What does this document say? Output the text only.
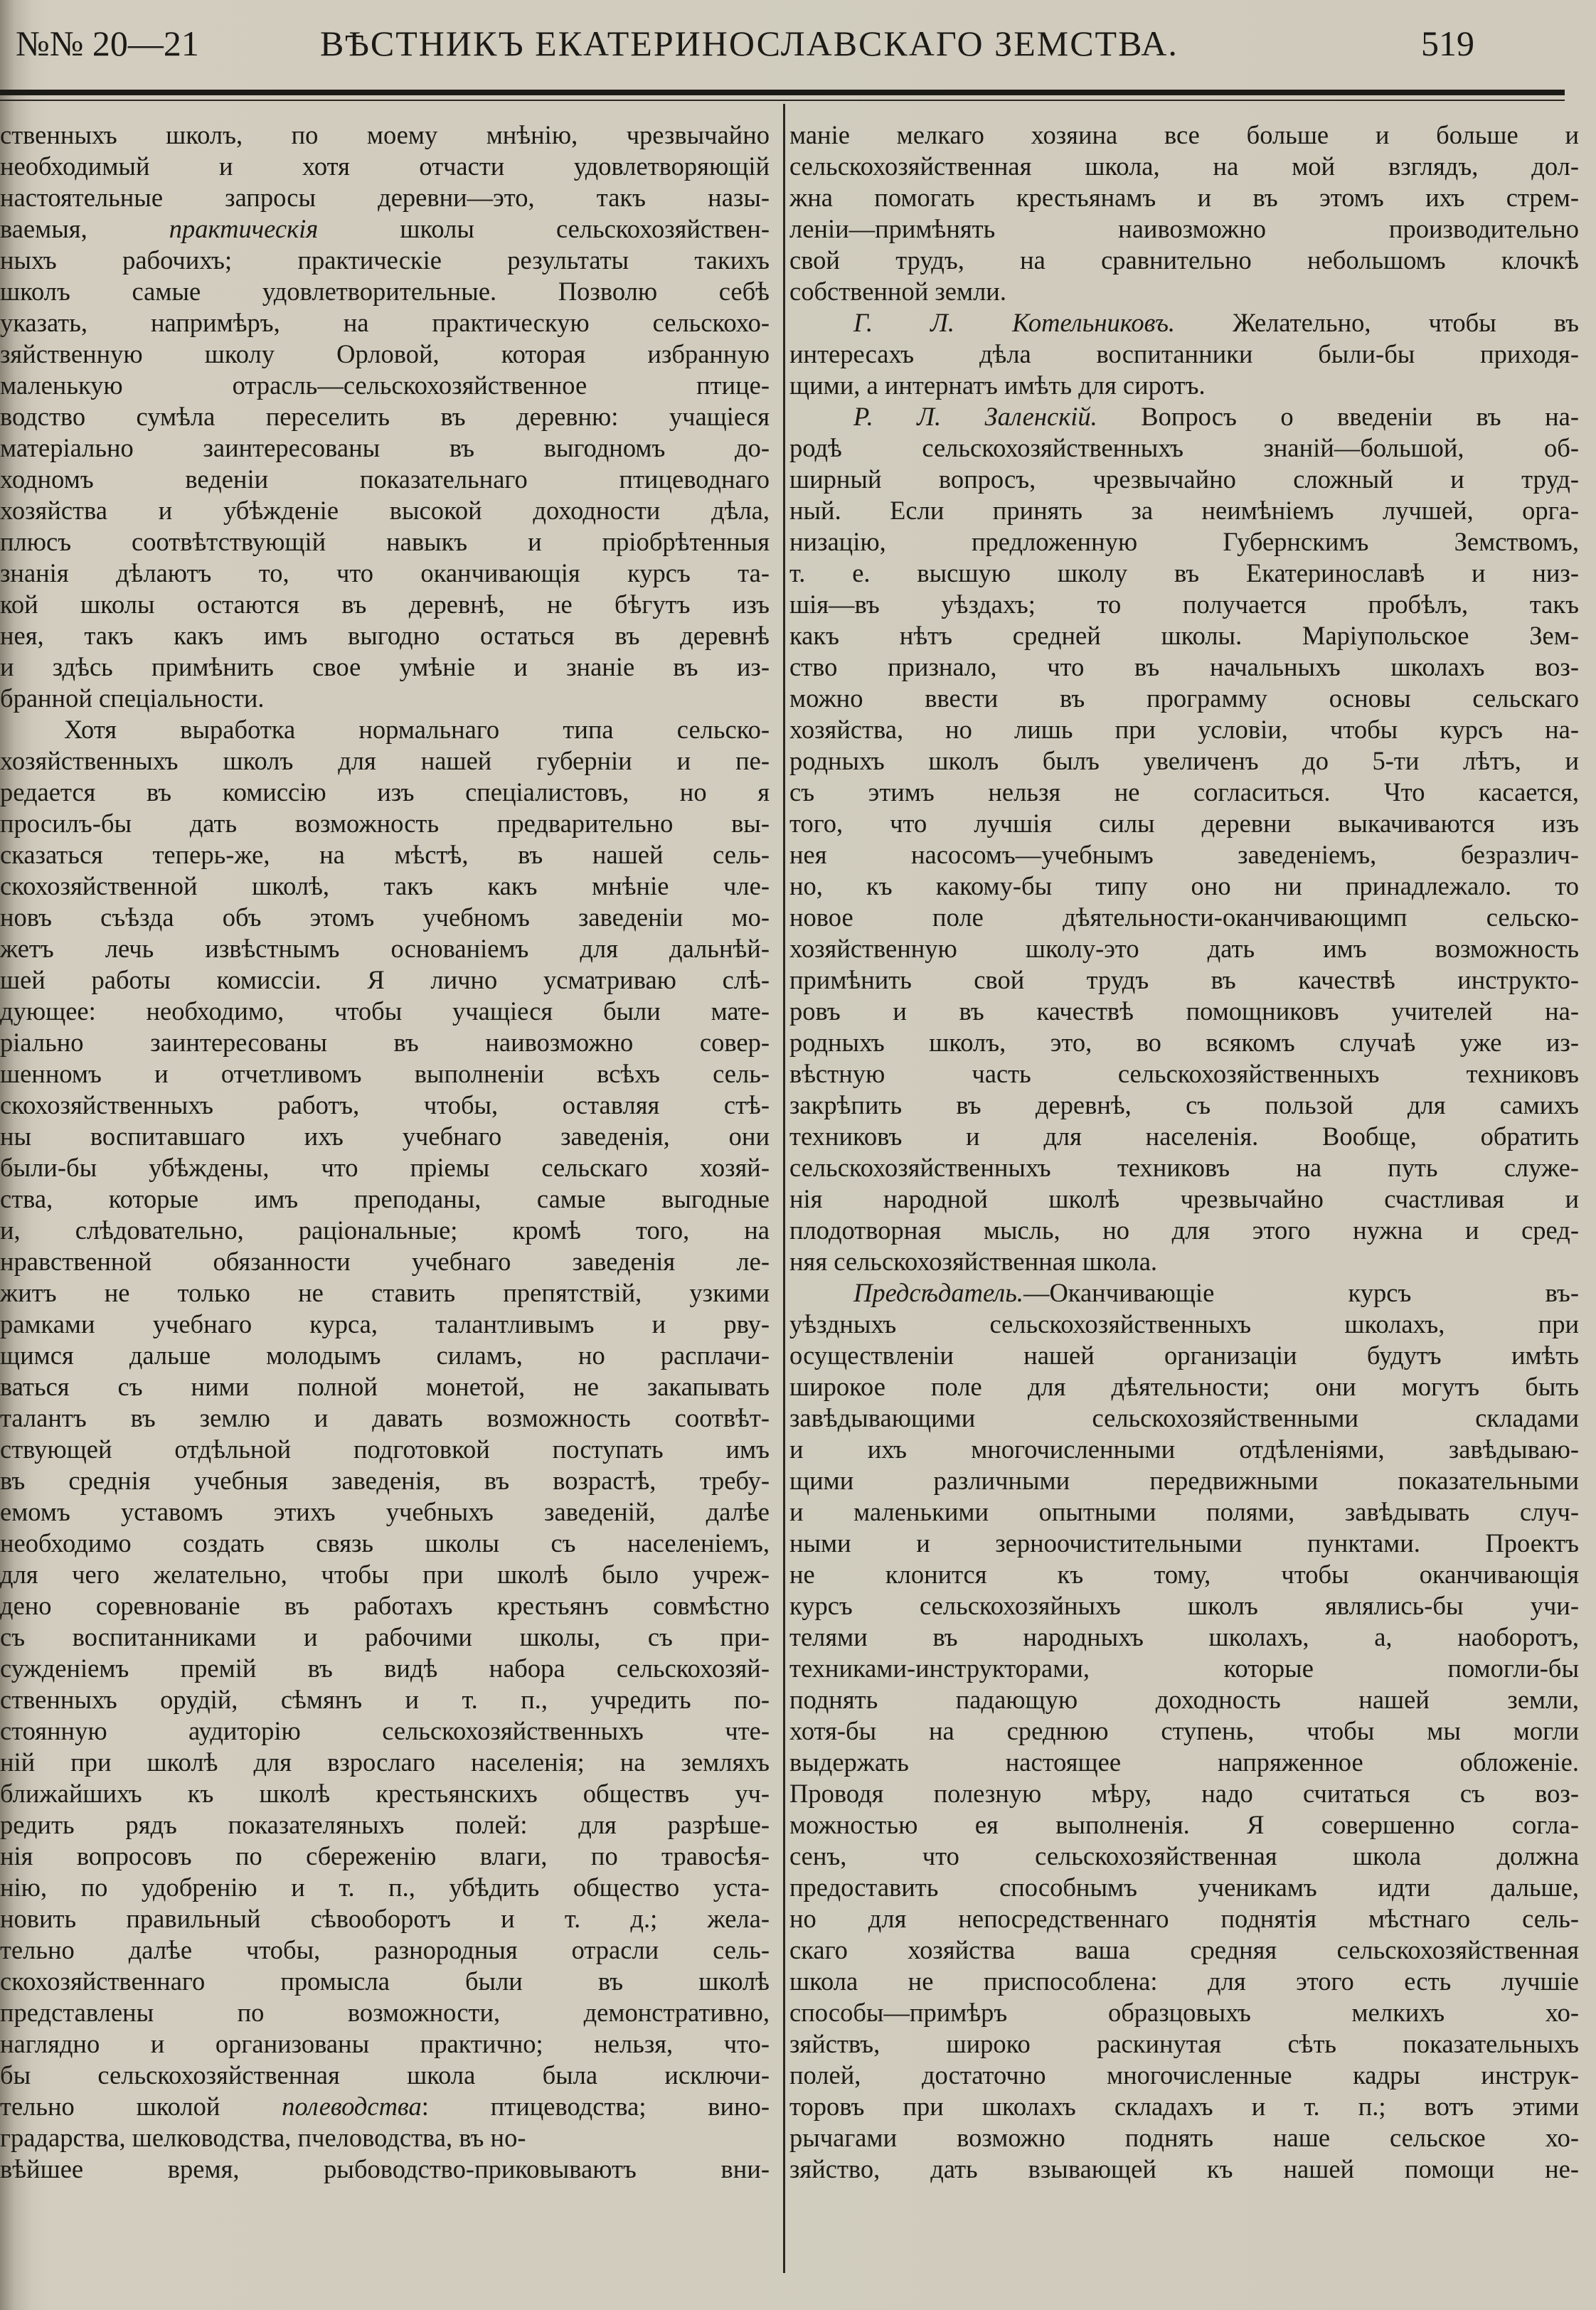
№№ 20—21	ВѢСТНИКЪ ЕКАТЕРИНОСЛАВСКАГО ЗЕМСТВА.	519
ственныхъ школъ, по моему мнѣнію, чрезвычайно
необходимый и хотя отчасти удовлетворяющій
настоятельные запросы деревни—это, такъ назы-
ваемыя, практическія школы сельскохозяйствен-
ныхъ рабочихъ; практическіе результаты такихъ
школъ самые удовлетворительные. Позволю себѣ
указать, напримѣръ, на практическую сельскохо-
зяйственную школу Орловой, которая избранную
маленькую отрасль—сельскохозяйственное птице-
водство сумѣла переселить въ деревню: учащіеся
матеріально заинтересованы въ выгодномъ до-
ходномъ веденіи показательнаго птицеводнаго
хозяйства и убѣжденіе высокой доходности дѣла,
плюсъ соотвѣтствующій навыкъ и пріобрѣтенныя
знанія дѣлаютъ то, что оканчивающія курсъ та-
кой школы остаются въ деревнѣ, не бѣгутъ изъ
нея, такъ какъ имъ выгодно остаться въ деревнѣ
и здѣсь примѣнить свое умѣніе и знаніе въ из-
бранной спеціальности.
Хотя выработка нормальнаго типа сельско-
хозяйственныхъ школъ для нашей губерніи и пе-
редается въ комиссію изъ спеціалистовъ, но я
просилъ-бы дать возможность предварительно вы-
сказаться теперь-же, на мѣстѣ, въ нашей сель-
скохозяйственной школѣ, такъ какъ мнѣніе чле-
новъ съѣзда объ этомъ учебномъ заведеніи мо-
жетъ лечь извѣстнымъ основаніемъ для дальнѣй-
шей работы комиссіи. Я лично усматриваю слѣ-
дующее: необходимо, чтобы учащіеся были мате-
ріально заинтересованы въ наивозможно совер-
шенномъ и отчетливомъ выполненіи всѣхъ сель-
скохозяйственныхъ работъ, чтобы, оставляя стѣ-
ны воспитавшаго ихъ учебнаго заведенія, они
были-бы убѣждены, что пріемы сельскаго хозяй-
ства, которые имъ преподаны, самые выгодные
и, слѣдовательно, раціональные; кромѣ того, на
нравственной обязанности учебнаго заведенія ле-
житъ не только не ставить препятствій, узкими
рамками учебнаго курса, талантливымъ и рву-
щимся дальше молодымъ силамъ, но расплачи-
ваться съ ними полной монетой, не закапывать
талантъ въ землю и давать возможность соотвѣт-
ствующей отдѣльной подготовкой поступать имъ
въ среднія учебныя заведенія, въ возрастѣ, требу-
емомъ уставомъ этихъ учебныхъ заведеній, далѣе
необходимо создать связь школы съ населеніемъ,
для чего желательно, чтобы при школѣ было учреж-
дено соревнованіе въ работахъ крестьянъ совмѣстно
съ воспитанниками и рабочими школы, съ при-
сужденіемъ премій въ видѣ набора сельскохозяй-
ственныхъ орудій, сѣмянъ и т. п., учредить по-
стоянную аудиторію сельскохозяйственныхъ чте-
ній при школѣ для взрослаго населенія; на земляхъ
ближайшихъ къ школѣ крестьянскихъ обществъ уч-
редить рядъ показателяныхъ полей: для разрѣше-
нія вопросовъ по сбереженію влаги, по травосѣя-
нію, по удобренію и т. п., убѣдить общество уста-
новить правильный сѣвооборотъ и т. д.; жела-
тельно далѣе чтобы, разнородныя отрасли сель-
скохозяйственнаго промысла были въ школѣ
представлены по возможности, демонстративно,
наглядно и организованы практично; нельзя, что-
бы сельскохозяйственная школа была исключи-
тельно школой полеводства: птицеводства; вино-
градарства, шелководства, пчеловодства, въ но-
вѣйшее время, рыбоводство-приковываютъ вни-
маніе мелкаго хозяина все больше и больше и
сельскохозяйственная школа, на мой взглядъ, дол-
жна помогать крестьянамъ и въ этомъ ихъ стрем-
леніи—примѣнять наивозможно производительно
свой трудъ, на сравнительно небольшомъ клочкѣ
собственной земли.
Г. Л. Котельниковъ. Желательно, чтобы въ
интересахъ дѣла воспитанники были-бы приходя-
щими, а интернатъ имѣть для сиротъ.
Р. Л. Заленскій. Вопросъ о введеніи въ на-
родѣ сельскохозяйственныхъ знаній—большой, об-
ширный вопросъ, чрезвычайно сложный и труд-
ный. Если принять за неимѣніемъ лучшей, орга-
низацію, предложенную Губернскимъ Земствомъ,
т. е. высшую школу въ Екатеринославѣ и низ-
шія—въ уѣздахъ; то получается пробѣлъ, такъ
какъ нѣтъ средней школы. Маріупольское Зем-
ство признало, что въ начальныхъ школахъ воз-
можно ввести въ программу основы сельскаго
хозяйства, но лишь при условіи, чтобы курсъ на-
родныхъ школъ былъ увеличенъ до 5-ти лѣтъ, и
съ этимъ нельзя не согласиться. Что касается,
того, что лучшія силы деревни выкачиваются изъ
нея насосомъ—учебнымъ заведеніемъ, безразлич-
но, къ какому-бы типу оно ни принадлежало. то
новое поле дѣятельности-оканчивающимп сельско-
хозяйственную школу-это дать имъ возможность
примѣнить свой трудъ въ качествѣ инструкто-
ровъ и въ качествѣ помощниковъ учителей на-
родныхъ школъ, это, во всякомъ случаѣ уже из-
вѣстную часть сельскохозяйственныхъ техниковъ
закрѣпить въ деревнѣ, съ пользой для самихъ
техниковъ и для населенія. Вообще, обратить
сельскохозяйственныхъ техниковъ на путь служе-
нія народной школѣ чрезвычайно счастливая и
плодотворная мысль, но для этого нужна и сред-
няя сельскохозяйственная школа.
Предсѣдатель.—Оканчивающіе курсъ въ-
уѣздныхъ сельскохозяйственныхъ школахъ, при
осуществленіи нашей организаціи будутъ имѣть
широкое поле для дѣятельности; они могутъ быть
завѣдывающими сельскохозяйственными складами
и ихъ многочисленными отдѣленіями, завѣдываю-
щими различными передвижными показательными
и маленькими опытными полями, завѣдывать случ-
ными и зерноочистительными пунктами. Проектъ
не клонится къ тому, чтобы оканчивающія
курсъ сельскохозяйныхъ школъ являлись-бы учи-
телями въ народныхъ школахъ, а, наоборотъ,
техниками-инструкторами, которые помогли-бы
поднять падающую доходность нашей земли,
хотя-бы на среднюю ступень, чтобы мы могли
выдержать настоящее напряженное обложеніе.
Проводя полезную мѣру, надо считаться съ воз-
можностью ея выполненія. Я совершенно согла-
сенъ, что сельскохозяйственная школа должна
предоставить способнымъ ученикамъ идти дальше,
но для непосредственнаго поднятія мѣстнаго сель-
скаго хозяйства ваша средняя сельскохозяйственная
школа не приспособлена: для этого есть лучшіе
способы—примѣръ образцовыхъ мелкихъ хо-
зяйствъ, широко раскинутая сѣть показательныхъ
полей, достаточно многочисленные кадры инструк-
торовъ при школахъ складахъ и т. п.; вотъ этими
рычагами возможно поднять наше сельское хо-
зяйство, дать взывающей къ нашей помощи не-
